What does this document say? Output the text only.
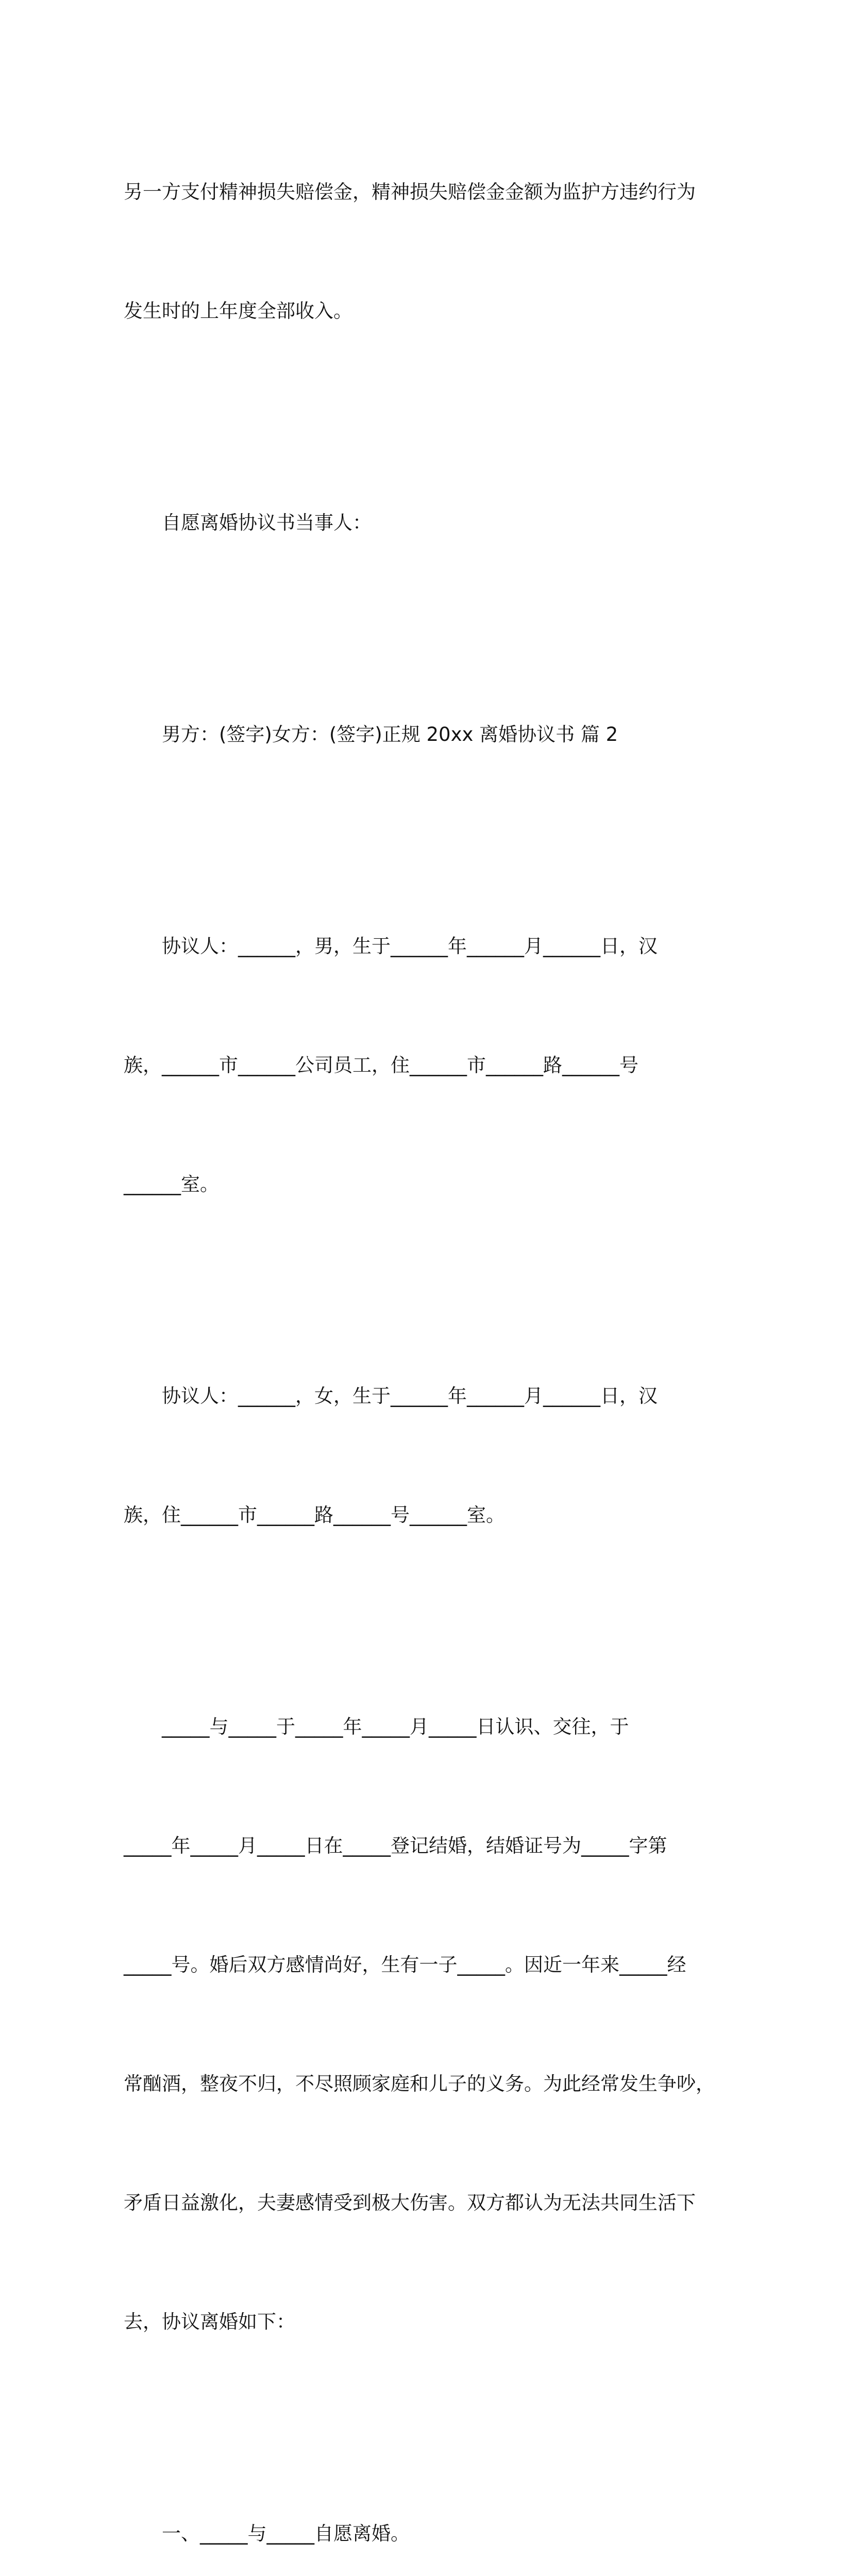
另一方支付精神损失赔偿金，精神损失赔偿金金额为监护方违约行为

发生时的上年度全部收入。

自愿离婚协议书当事人：

男方：(签字)女方：(签字)正规 20xx 离婚协议书 篇 2

协议人：______，男，生于______年______月______日，汉

族，______市______公司员工，住______市______路______号

______室。

协议人：______，女，生于______年______月______日，汉

族，住______市______路______号______室。

_____与_____于_____年_____月_____日认识、交往，于

_____年_____月_____日在_____登记结婚，结婚证号为_____字第

_____号。婚后双方感情尚好，生有一子_____。因近一年来_____经

常酗酒，整夜不归，不尽照顾家庭和儿子的义务。为此经常发生争吵，

矛盾日益激化，夫妻感情受到极大伤害。双方都认为无法共同生活下

去，协议离婚如下：

一、_____与_____自愿离婚。
